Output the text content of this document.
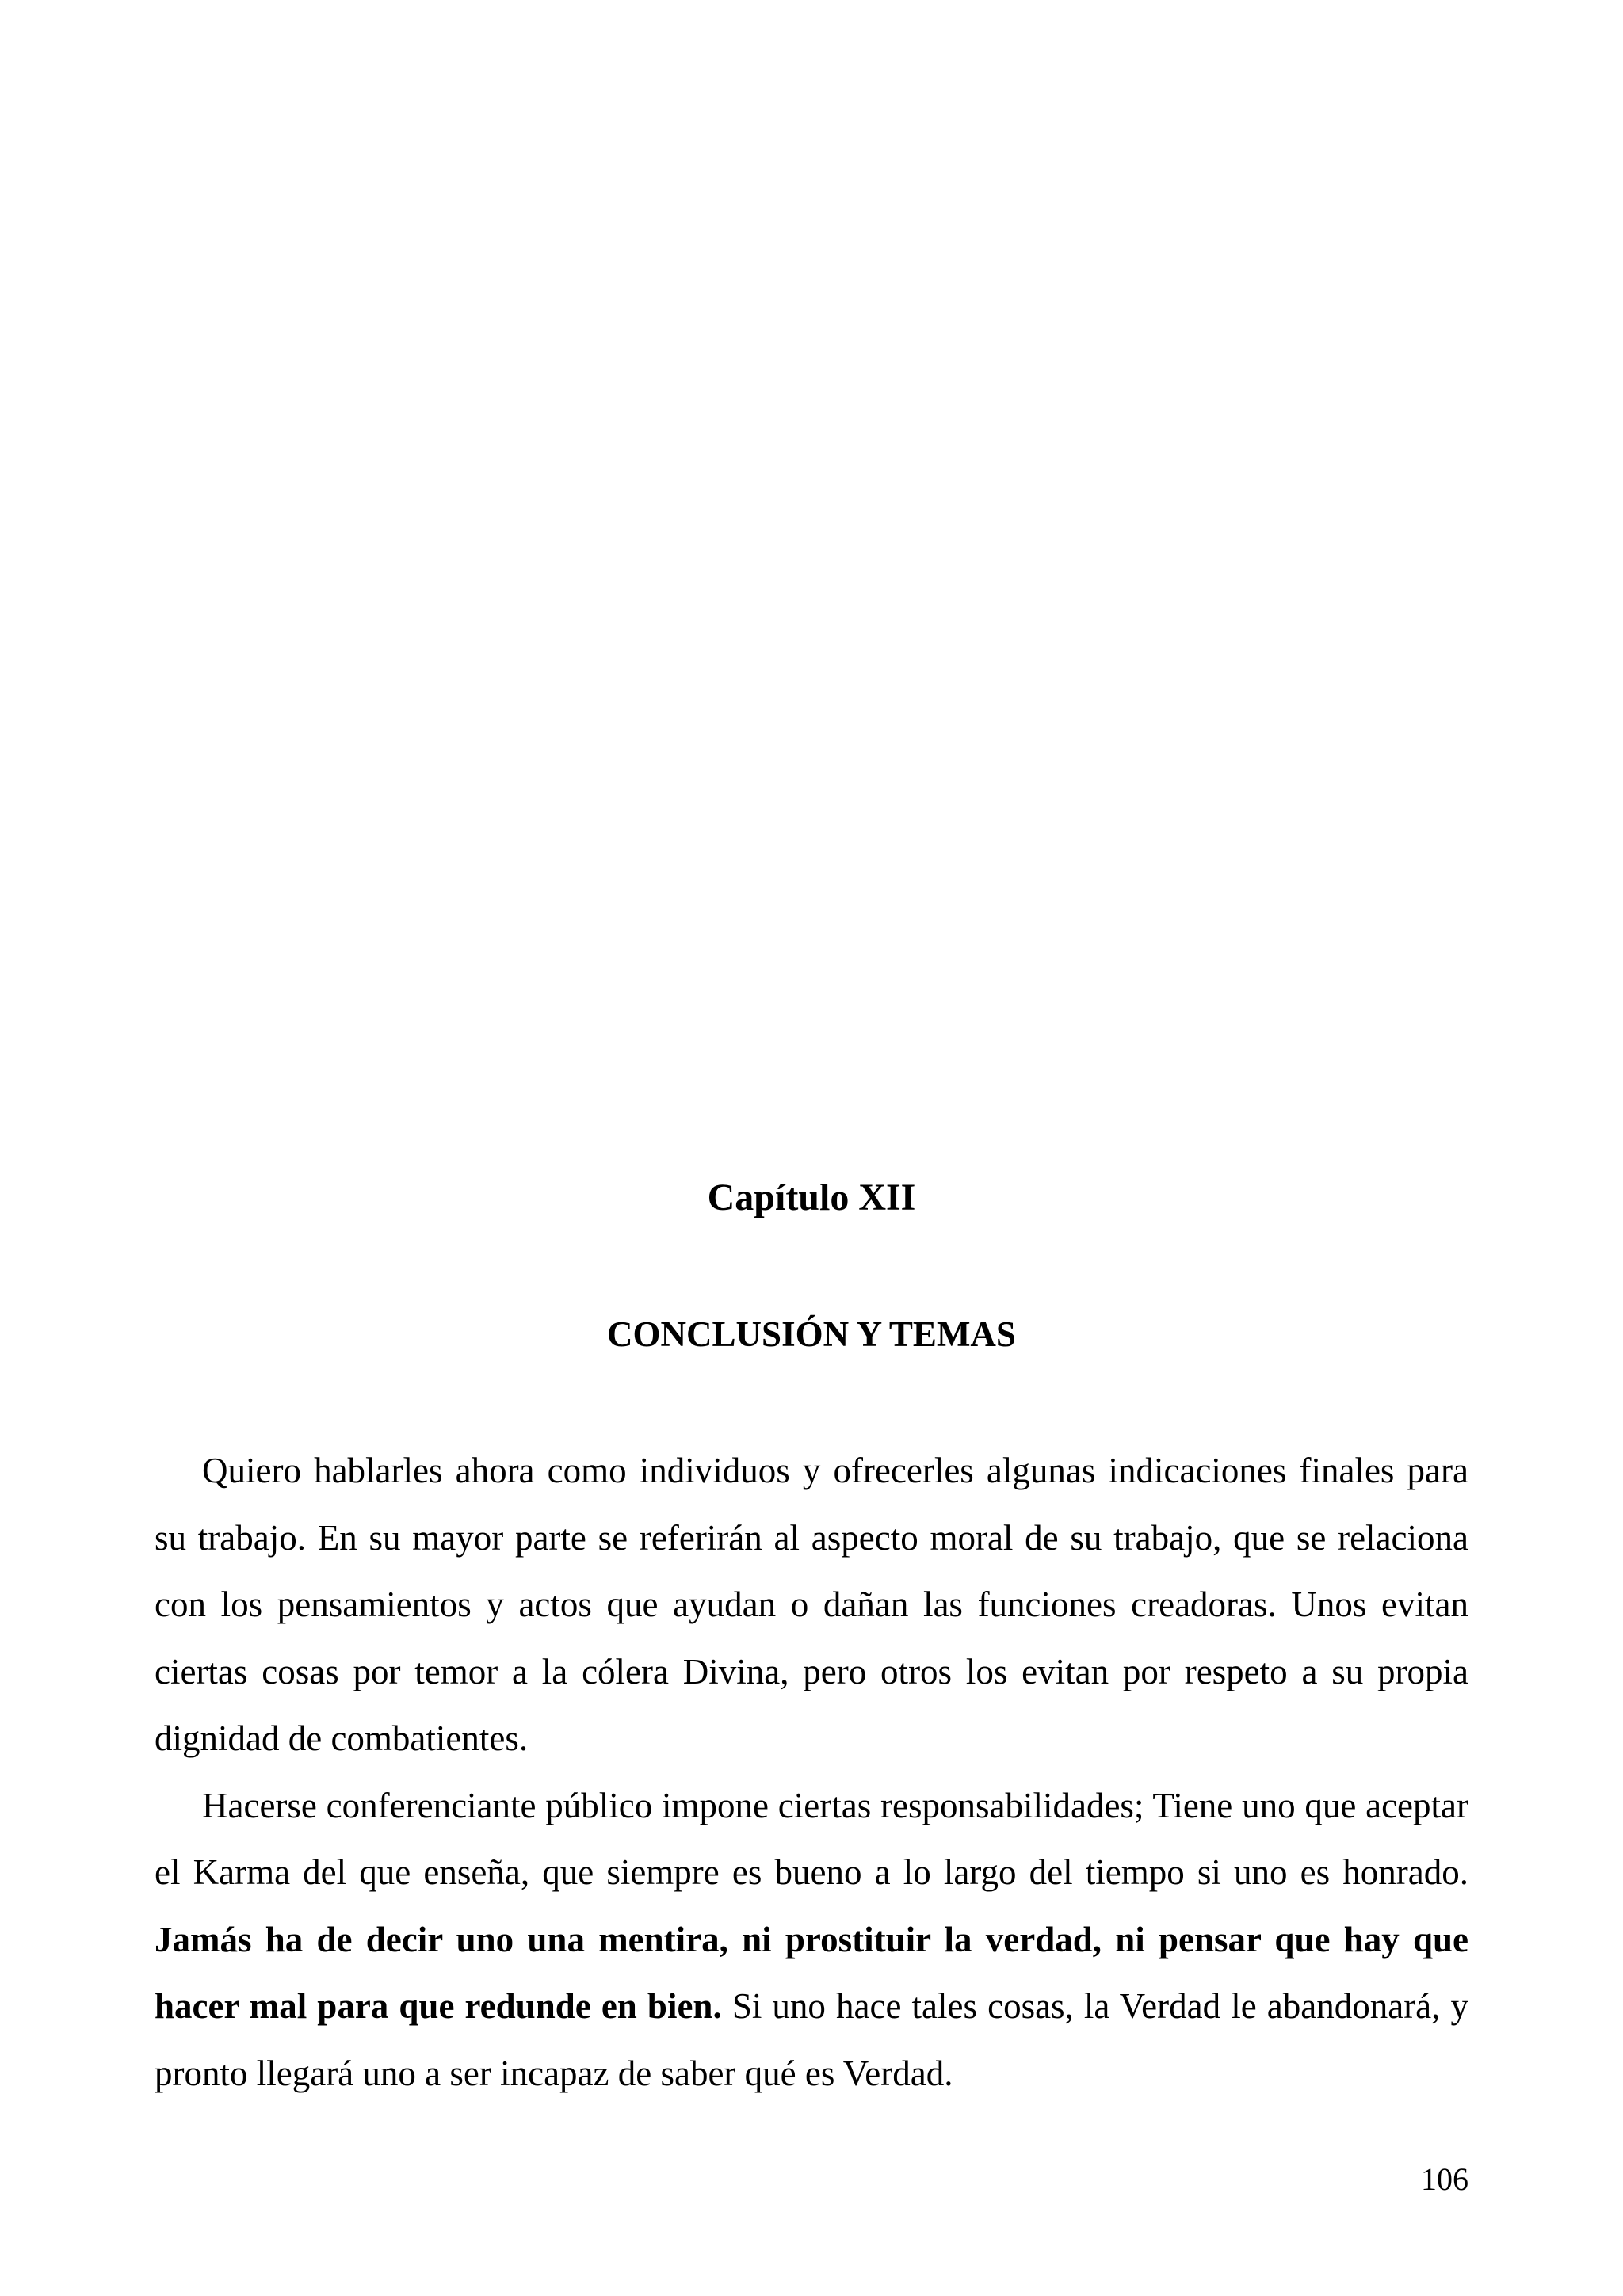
Capítulo XII
CONCLUSIÓN Y TEMAS

Quiero hablarles ahora como individuos y ofrecerles algunas indicaciones finales para su trabajo. En su mayor parte se referirán al aspecto moral de su trabajo, que se relaciona con los pensamientos y actos que ayudan o dañan las funciones creadoras. Unos evitan ciertas cosas por temor a la cólera Divina, pero otros los evitan por respeto a su propia dignidad de combatientes.

Hacerse conferenciante público impone ciertas responsabilidades; Tiene uno que aceptar el Karma del que enseña, que siempre es bueno a lo largo del tiempo si uno es honrado. Jamás ha de decir uno una mentira, ni prostituir la verdad, ni pensar que hay que hacer mal para que redunde en bien. Si uno hace tales cosas, la Verdad le abandonará, y pronto llegará uno a ser incapaz de saber qué es Verdad.

106
